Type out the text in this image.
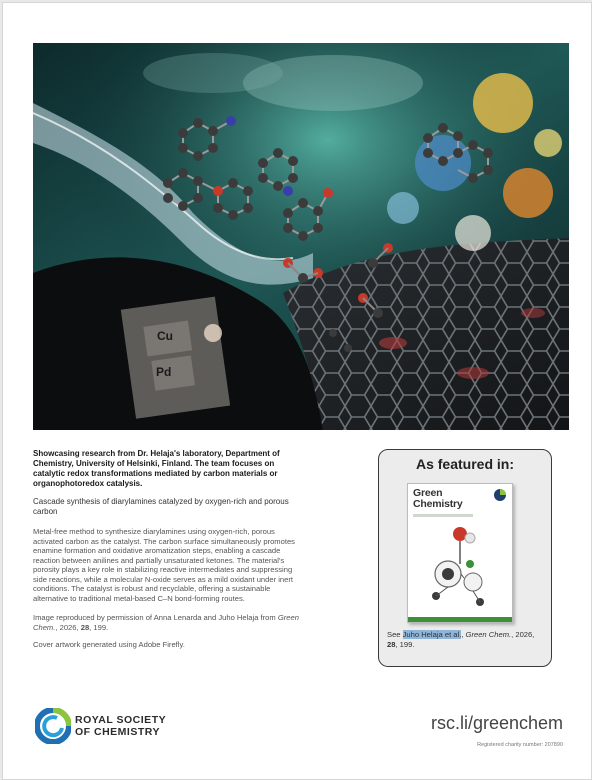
Cu
Pd

Showcasing research from Dr. Helaja's laboratory, Department of Chemistry, University of Helsinki, Finland. The team focuses on catalytic redox transformations mediated by carbon materials or organophotoredox catalysis.

Cascade synthesis of diarylamines catalyzed by oxygen-rich and porous carbon

Metal-free method to synthesize diarylamines using oxygen-rich, porous activated carbon as the catalyst. The carbon surface simultaneously promotes enamine formation and oxidative aromatization steps, enabling a cascade reaction between anilines and partially unsaturated ketones. The material's porosity plays a key role in stabilizing reactive intermediates and suppressing side reactions, while a molecular N-oxide serves as a mild oxidant under inert conditions. The catalyst is robust and recyclable, offering a sustainable alternative to traditional metal-based C–N bond-forming routes.

Image reproduced by permission of Anna Lenarda and Juho Helaja from Green Chem., 2026, 28, 199.

Cover artwork generated using Adobe Firefly.

As featured in:
Green
Chemistry
See Juho Helaja et al., Green Chem., 2026, 28, 199.
ROYAL SOCIETY
OF CHEMISTRY	rsc.li/greenchem
Registered charity number: 207890
